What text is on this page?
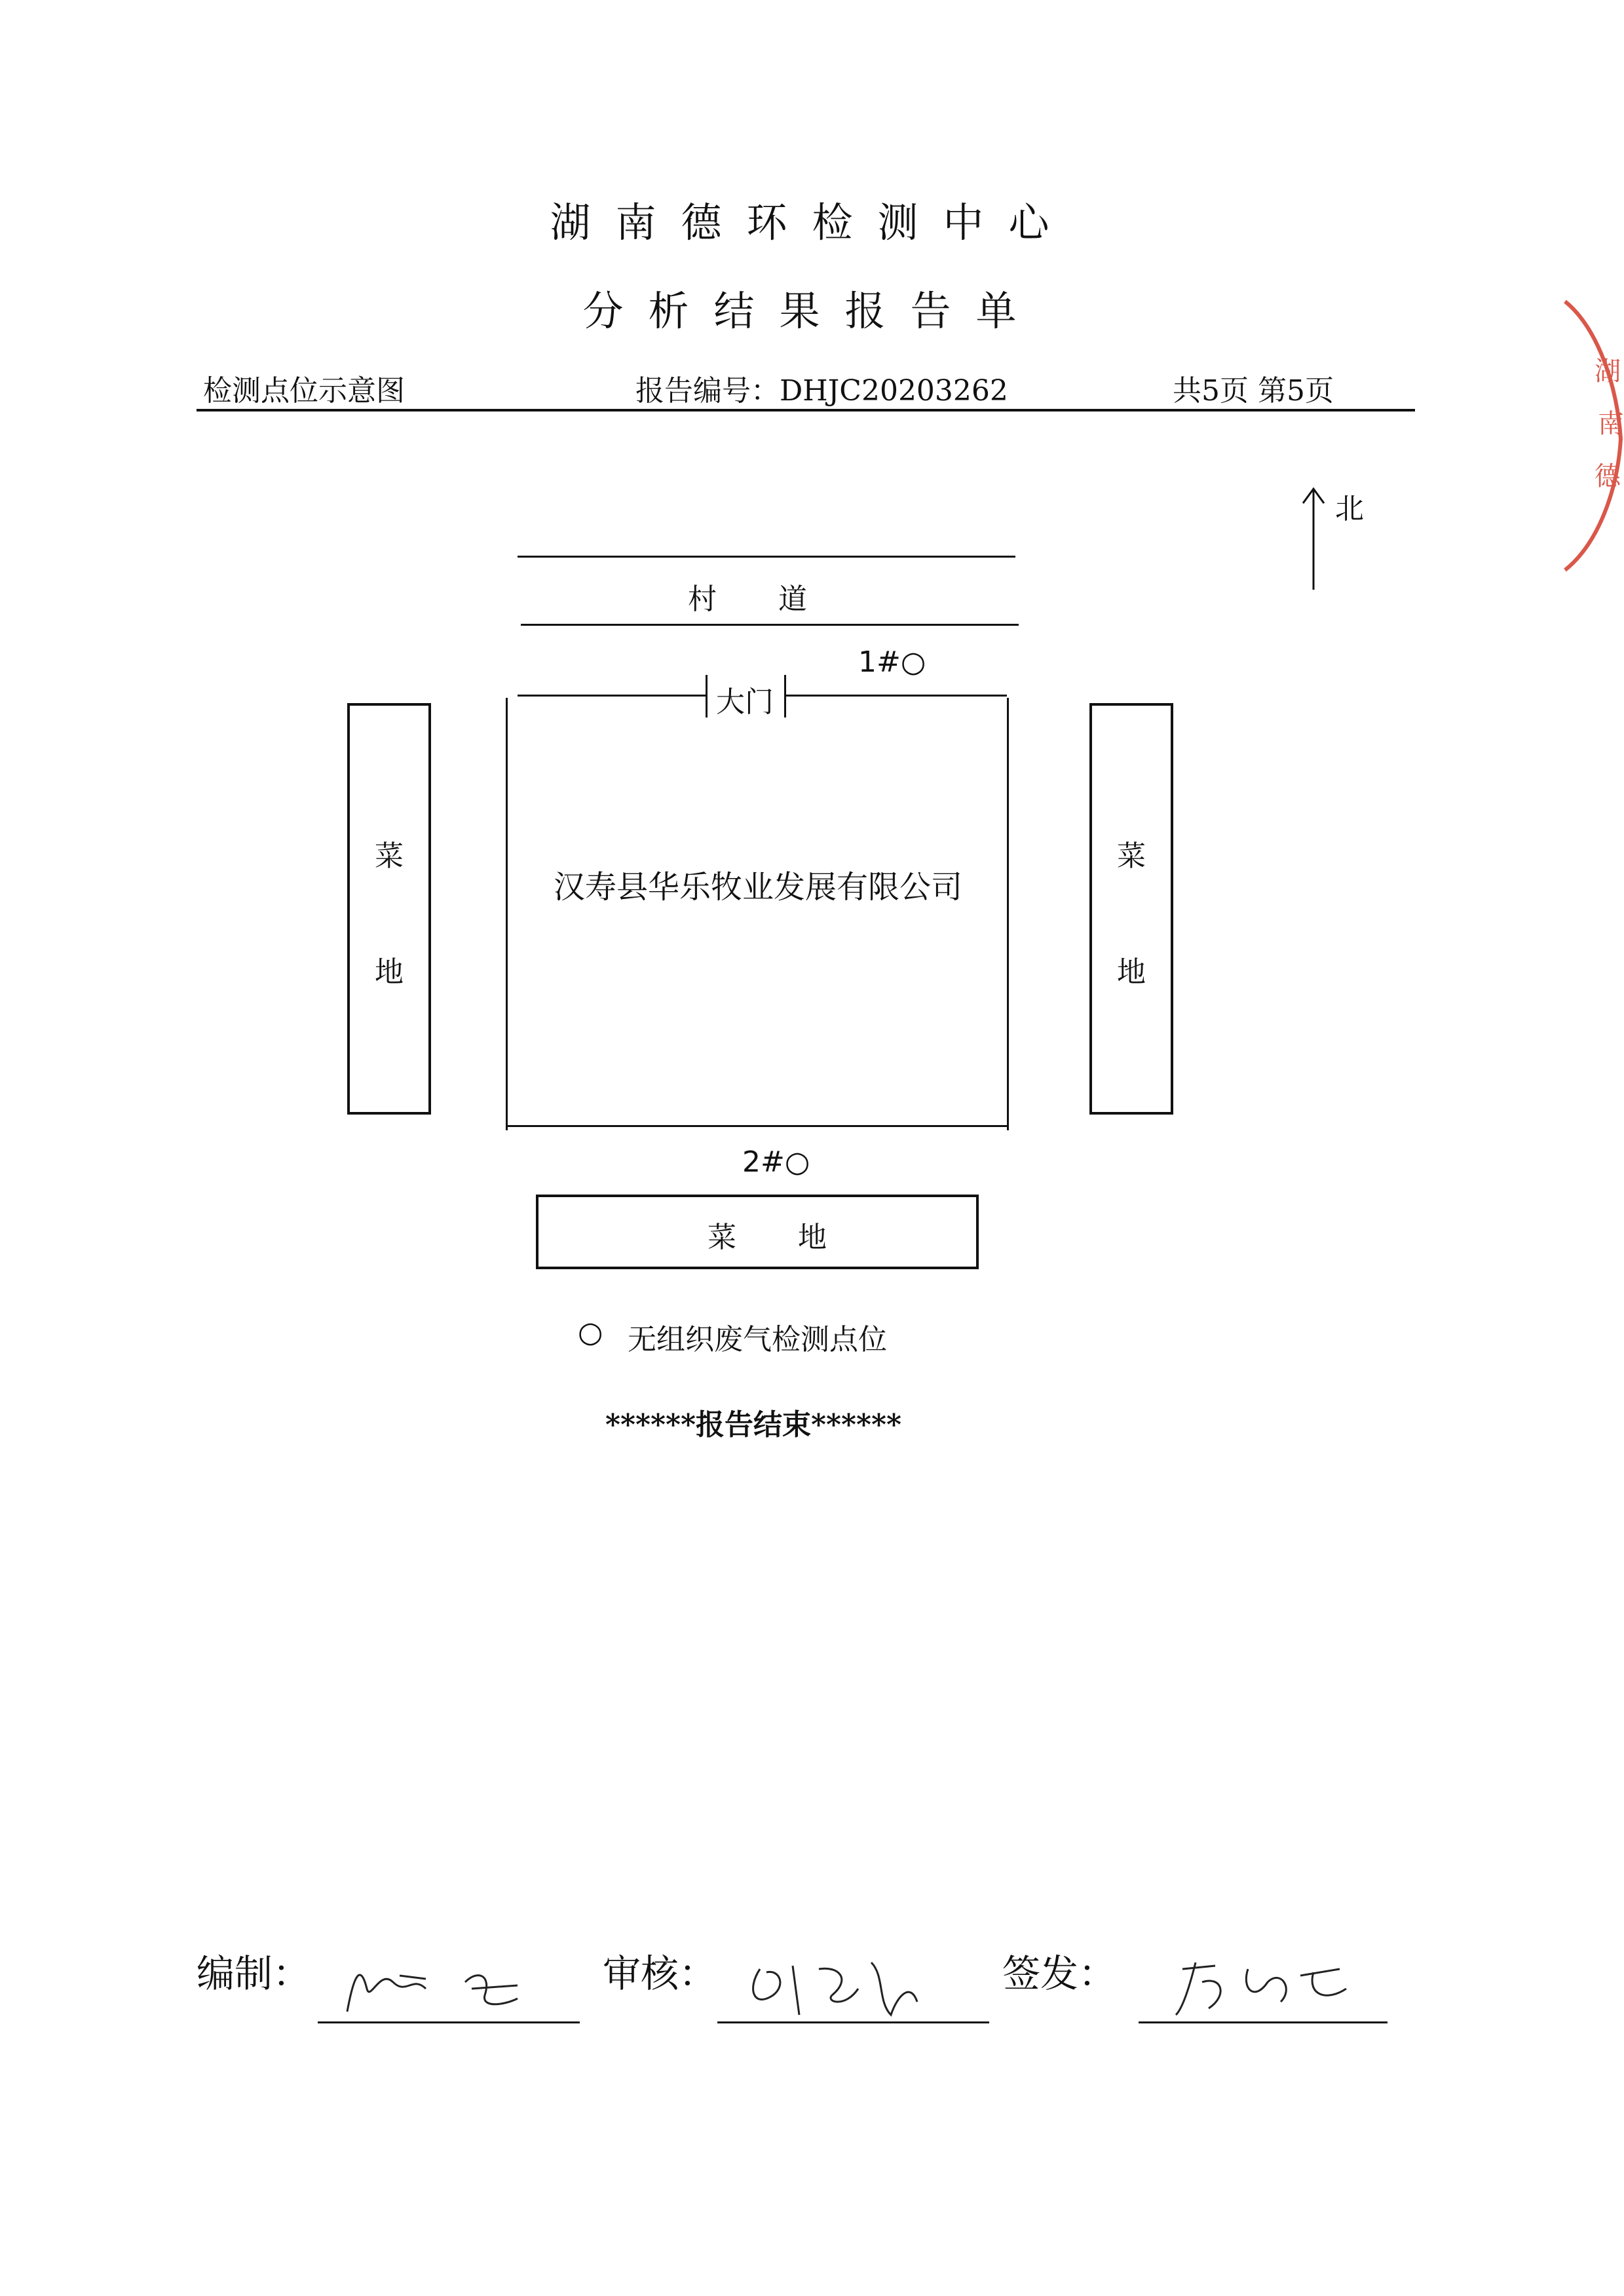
湖南德环检测中心
分析结果报告单
检测点位示意图	报告编号：DHJC20203262	共5页 第5页
北
村 道
1#○
大门
汉寿县华乐牧业发展有限公司
菜
地
菜
地
2#○
菜 地
○ 无组织废气检测点位
******报告结束******
编制：	审核：	签发：
湖
南
德
